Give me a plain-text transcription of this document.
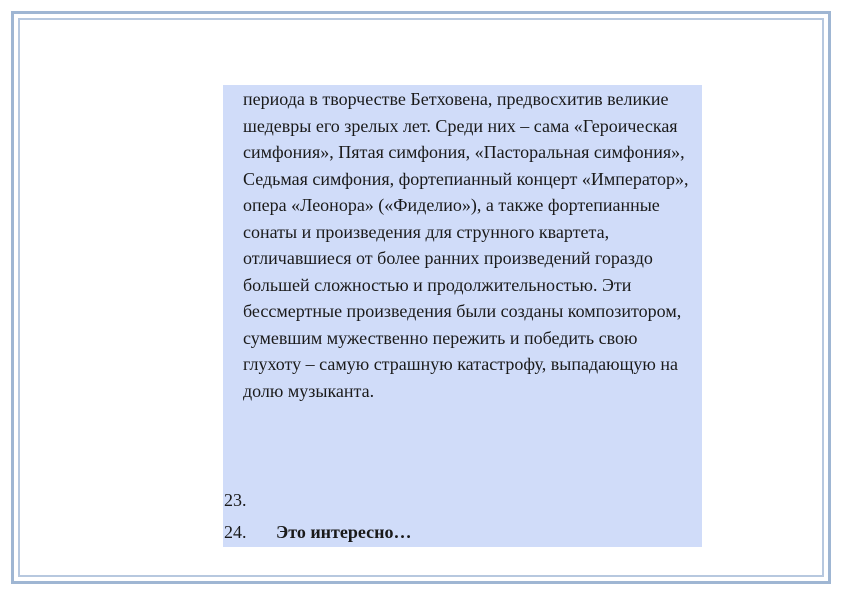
периода в творчестве Бетховена, предвосхитив великие шедевры его зрелых лет. Среди них – сама «Героическая симфония», Пятая симфония, «Пасторальная симфония», Седьмая симфония, фортепианный концерт «Император», опера «Леонора» («Фиделио»), а также фортепианные сонаты и произведения для струнного квартета, отличавшиеся от более ранних произведений гораздо большей сложностью и продолжительностью. Эти бессмертные произведения были созданы композитором, сумевшим мужественно пережить и победить свою глухоту – самую страшную катастрофу, выпадающую на долю музыканта.

23.
24. Это интересно…
